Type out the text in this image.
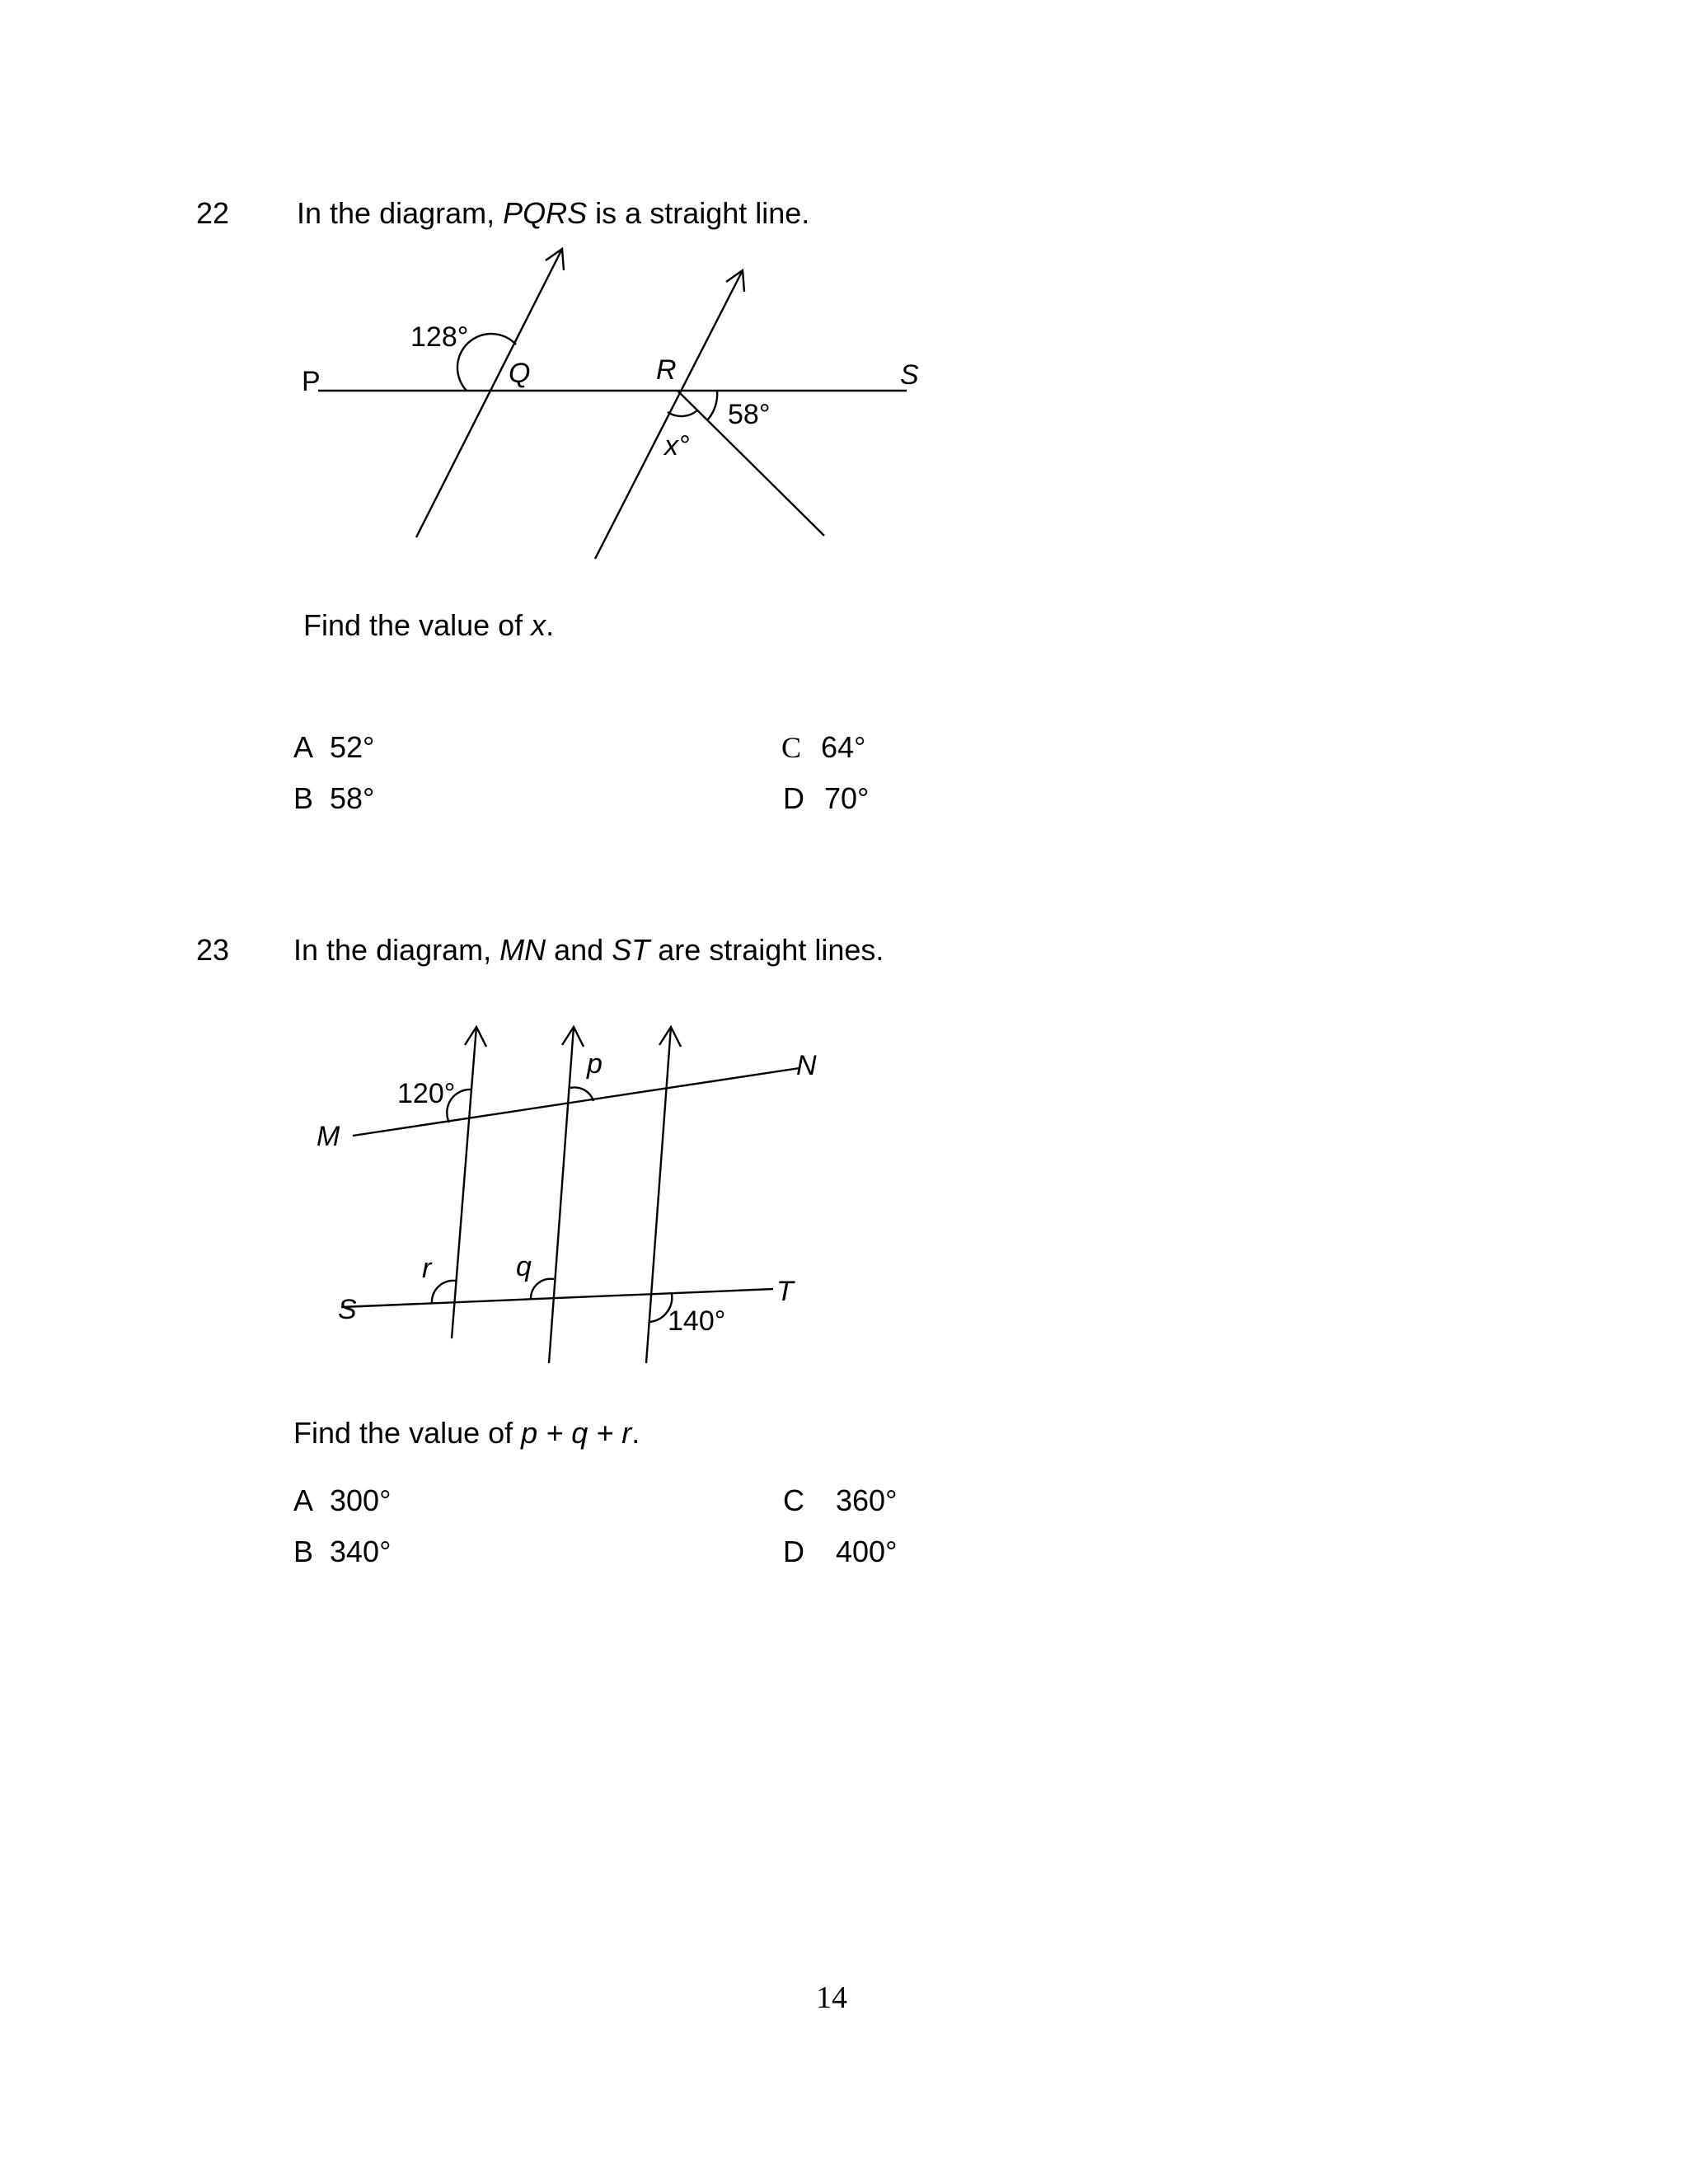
22 In the diagram, PQRS is a straight line.
P	Q	R	S
128°
58°
x°
Find the value of x.
A 52°
B 58°
C 64°
D 70°
23 In the diagram, MN and ST are straight lines.
M
N
S
T
120°
140°
p
q
r
Find the value of p + q + r.
A 300°
B 340°
C 360°
D 400°
14
